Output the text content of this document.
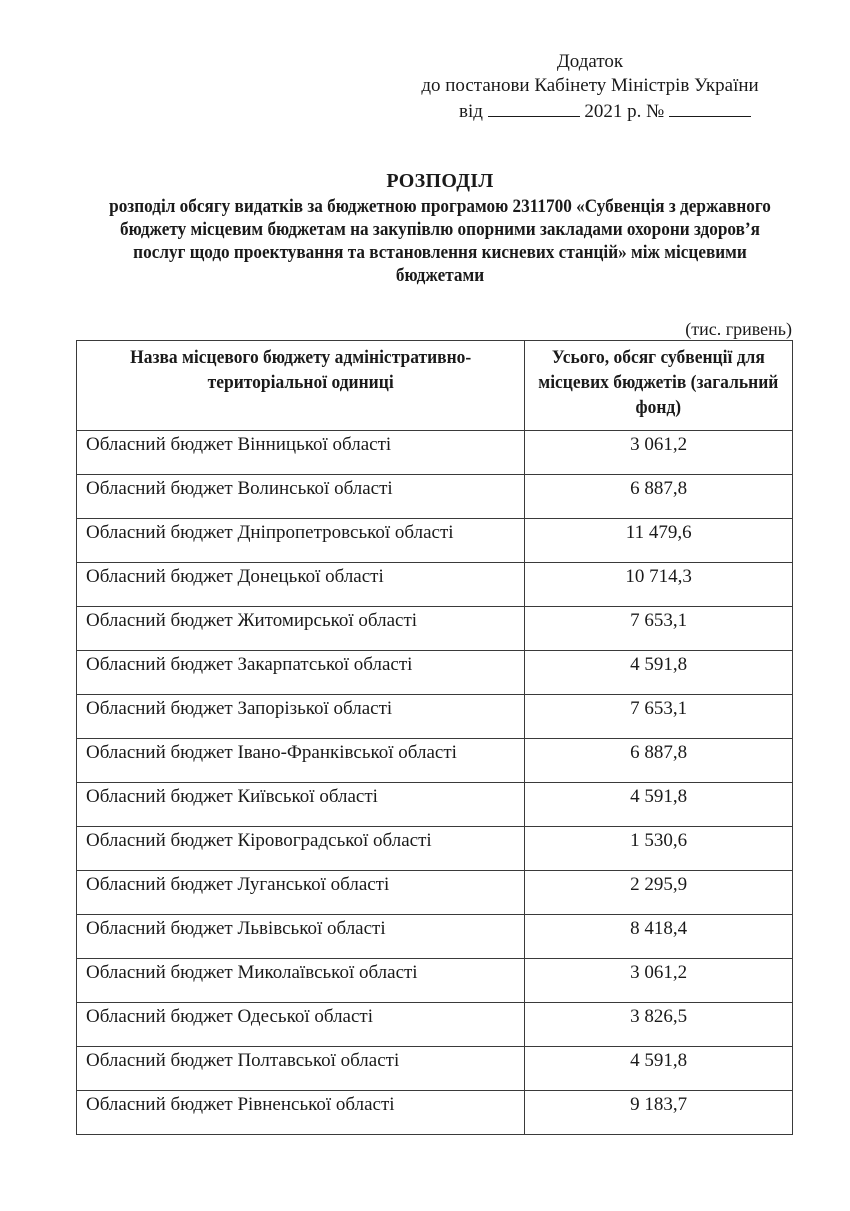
Додаток
до постанови Кабінету Міністрів України
від	2021 р. №
РОЗПОДІЛ
розподіл обсягу видатків за бюджетною програмою 2311700 «Субвенція з державного бюджету місцевим бюджетам на закупівлю опорними закладами охорони здоров’я послуг щодо проектування та встановлення кисневих станцій» між місцевими бюджетами
(тис. гривень)
Назва місцевого бюджету адміністративно-територіальної одиниці	Усього, обсяг субвенції для місцевих бюджетів (загальний фонд)
Обласний бюджет Вінницької області	3 061,2
Обласний бюджет Волинської області	6 887,8
Обласний бюджет Дніпропетровської області	11 479,6
Обласний бюджет Донецької області	10 714,3
Обласний бюджет Житомирської області	7 653,1
Обласний бюджет Закарпатської області	4 591,8
Обласний бюджет Запорізької області	7 653,1
Обласний бюджет Івано-Франківської області	6 887,8
Обласний бюджет Київської області	4 591,8
Обласний бюджет Кіровоградської області	1 530,6
Обласний бюджет Луганської області	2 295,9
Обласний бюджет Львівської області	8 418,4
Обласний бюджет Миколаївської області	3 061,2
Обласний бюджет Одеської області	3 826,5
Обласний бюджет Полтавської області	4 591,8
Обласний бюджет Рівненської області	9 183,7
